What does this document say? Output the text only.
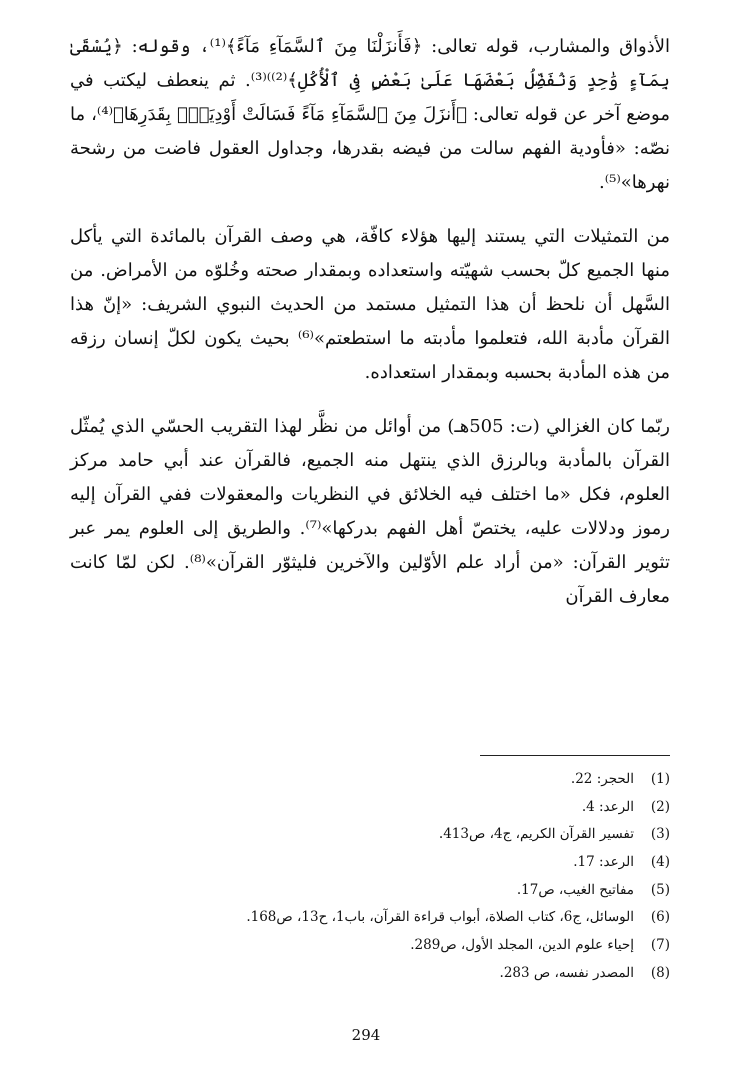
الأذواق والمشارب، قوله تعالى: ﴿فَأَنزَلْنَا مِنَ ٱلسَّمَآءِ مَآءً﴾⁽¹⁾، وقوله: ﴿يُسْقَىٰ بِمَآءٍ وَٰحِدٍ وَنُفَضِّلُ بَعْضَهَا عَلَىٰ بَعْضٍ فِى ٱلْأُكُلِ﴾⁽²⁾⁾⁽³⁾. ثم ينعطف ليكتب في موضع آخر عن قوله تعالى: ﴿أَنزَلَ مِنَ ٱلسَّمَآءِ مَآءً فَسَالَتْ أَوْدِيَةٌۢ بِقَدَرِهَا﴾⁽⁴⁾، ما نصّه: «فأودية الفهم سالت من فيضه بقدرها، وجداول العقول فاضت من رشحة نهرها»⁽⁵⁾.

من التمثيلات التي يستند إليها هؤلاء كافّة، هي وصف القرآن بالمائدة التي يأكل منها الجميع كلّ بحسب شهيّته واستعداده وبمقدار صحته وخُلوّه من الأمراض. من السَّهل أن نلحظ أن هذا التمثيل مستمد من الحديث النبوي الشريف: «إنّ هذا القرآن مأدبة الله، فتعلموا مأدبته ما استطعتم»⁽⁶⁾ بحيث يكون لكلّ إنسان رزقه من هذه المأدبة بحسبه وبمقدار استعداده.

ربّما كان الغزالي (ت: 505هـ) من أوائل من نظَّر لهذا التقريب الحسّي الذي يُمثّل القرآن بالمأدبة وبالرزق الذي ينتهل منه الجميع، فالقرآن عند أبي حامد مركز العلوم، فكل «ما اختلف فيه الخلائق في النظريات والمعقولات ففي القرآن إليه رموز ودلالات عليه، يختصّ أهل الفهم بدركها»⁽⁷⁾. والطريق إلى العلوم يمر عبر تثوير القرآن: «من أراد علم الأوّلين والآخرين فليثوّر القرآن»⁽⁸⁾. لكن لمّا كانت معارف القرآن

(1)
الحجر: 22.
(2)
الرعد: 4.
(3)
تفسير القرآن الكريم، ج4، ص413.
(4)
الرعد: 17.
(5)
مفاتيح الغيب، ص17.
(6)
الوسائل، ج6، كتاب الصلاة، أبواب قراءة القرآن، باب1، ح13، ص168.
(7)
إحياء علوم الدين، المجلد الأول، ص289.
(8)
المصدر نفسه، ص 283.
294
